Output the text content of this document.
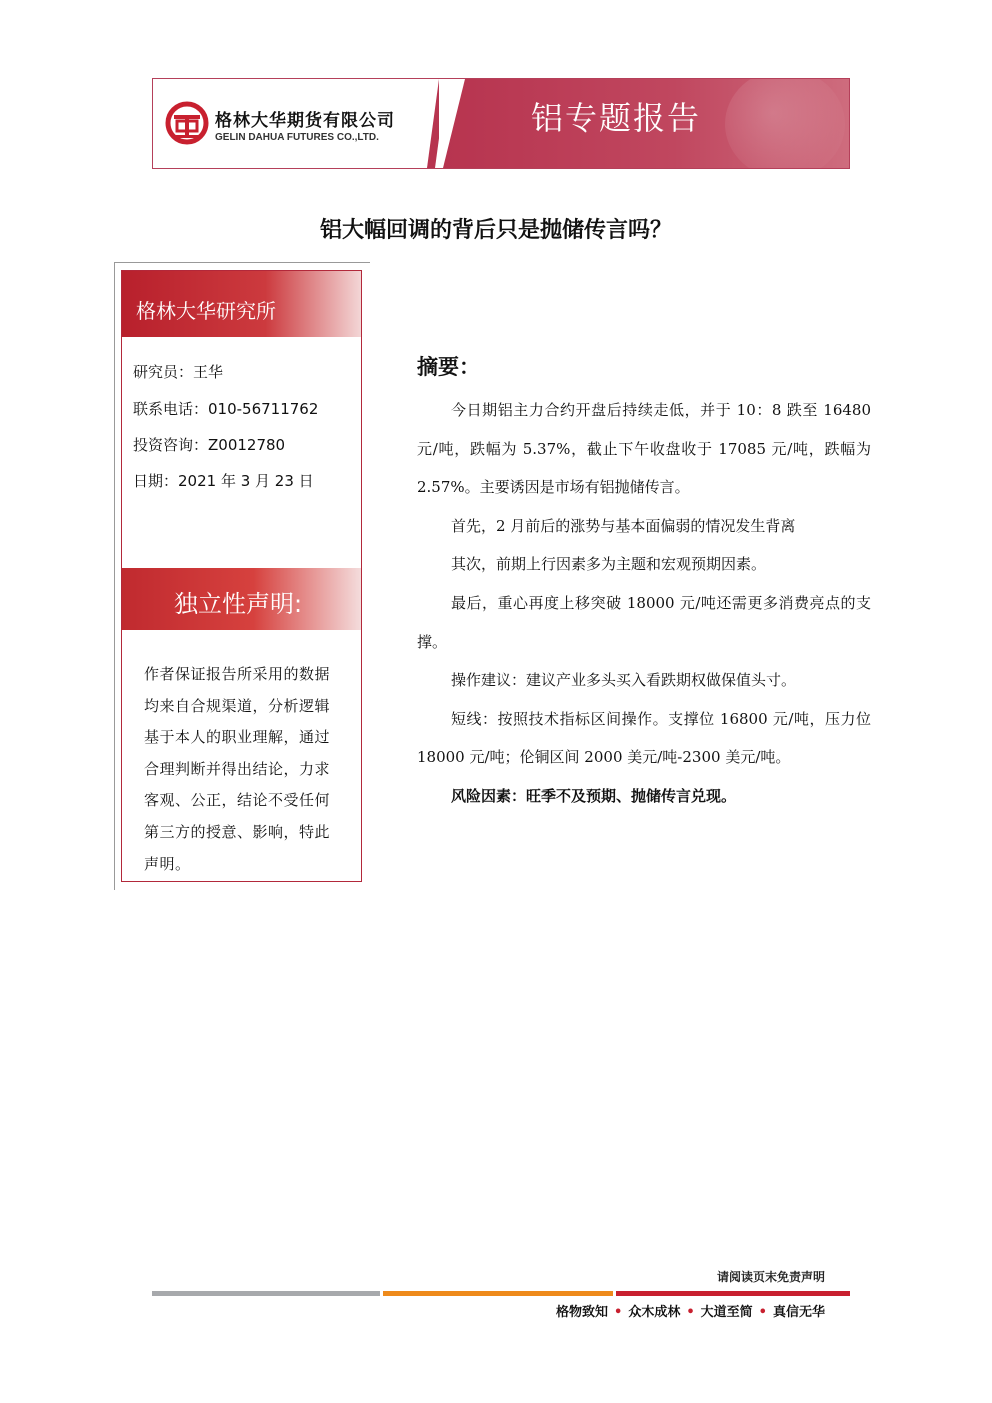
格林大华期货有限公司
GELIN DAHUA FUTURES CO.,LTD.
铝专题报告
铝大幅回调的背后只是抛储传言吗？
格林大华研究所
研究员：王华
联系电话：010-56711762
投资咨询：Z0012780
日期：2021 年 3 月 23 日
独立性声明:
作者保证报告所采用的数据均来自合规渠道，分析逻辑基于本人的职业理解，通过合理判断并得出结论，力求客观、公正，结论不受任何第三方的授意、影响，特此声明。
摘要：

今日期铝主力合约开盘后持续走低，并于 10：8 跌至 16480 元/吨，跌幅为 5.37%，截止下午收盘收于 17085 元/吨，跌幅为 2.57%。主要诱因是市场有铝抛储传言。

首先，2 月前后的涨势与基本面偏弱的情况发生背离

其次，前期上行因素多为主题和宏观预期因素。

最后，重心再度上移突破 18000 元/吨还需更多消费亮点的支撑。

操作建议：建议产业多头买入看跌期权做保值头寸。

短线：按照技术指标区间操作。支撑位 16800 元/吨，压力位 18000 元/吨；伦铜区间 2000 美元/吨-2300 美元/吨。

风险因素：旺季不及预期、抛储传言兑现。

请阅读页末免责声明
格物致知 • 众木成林 • 大道至简 • 真信无华
